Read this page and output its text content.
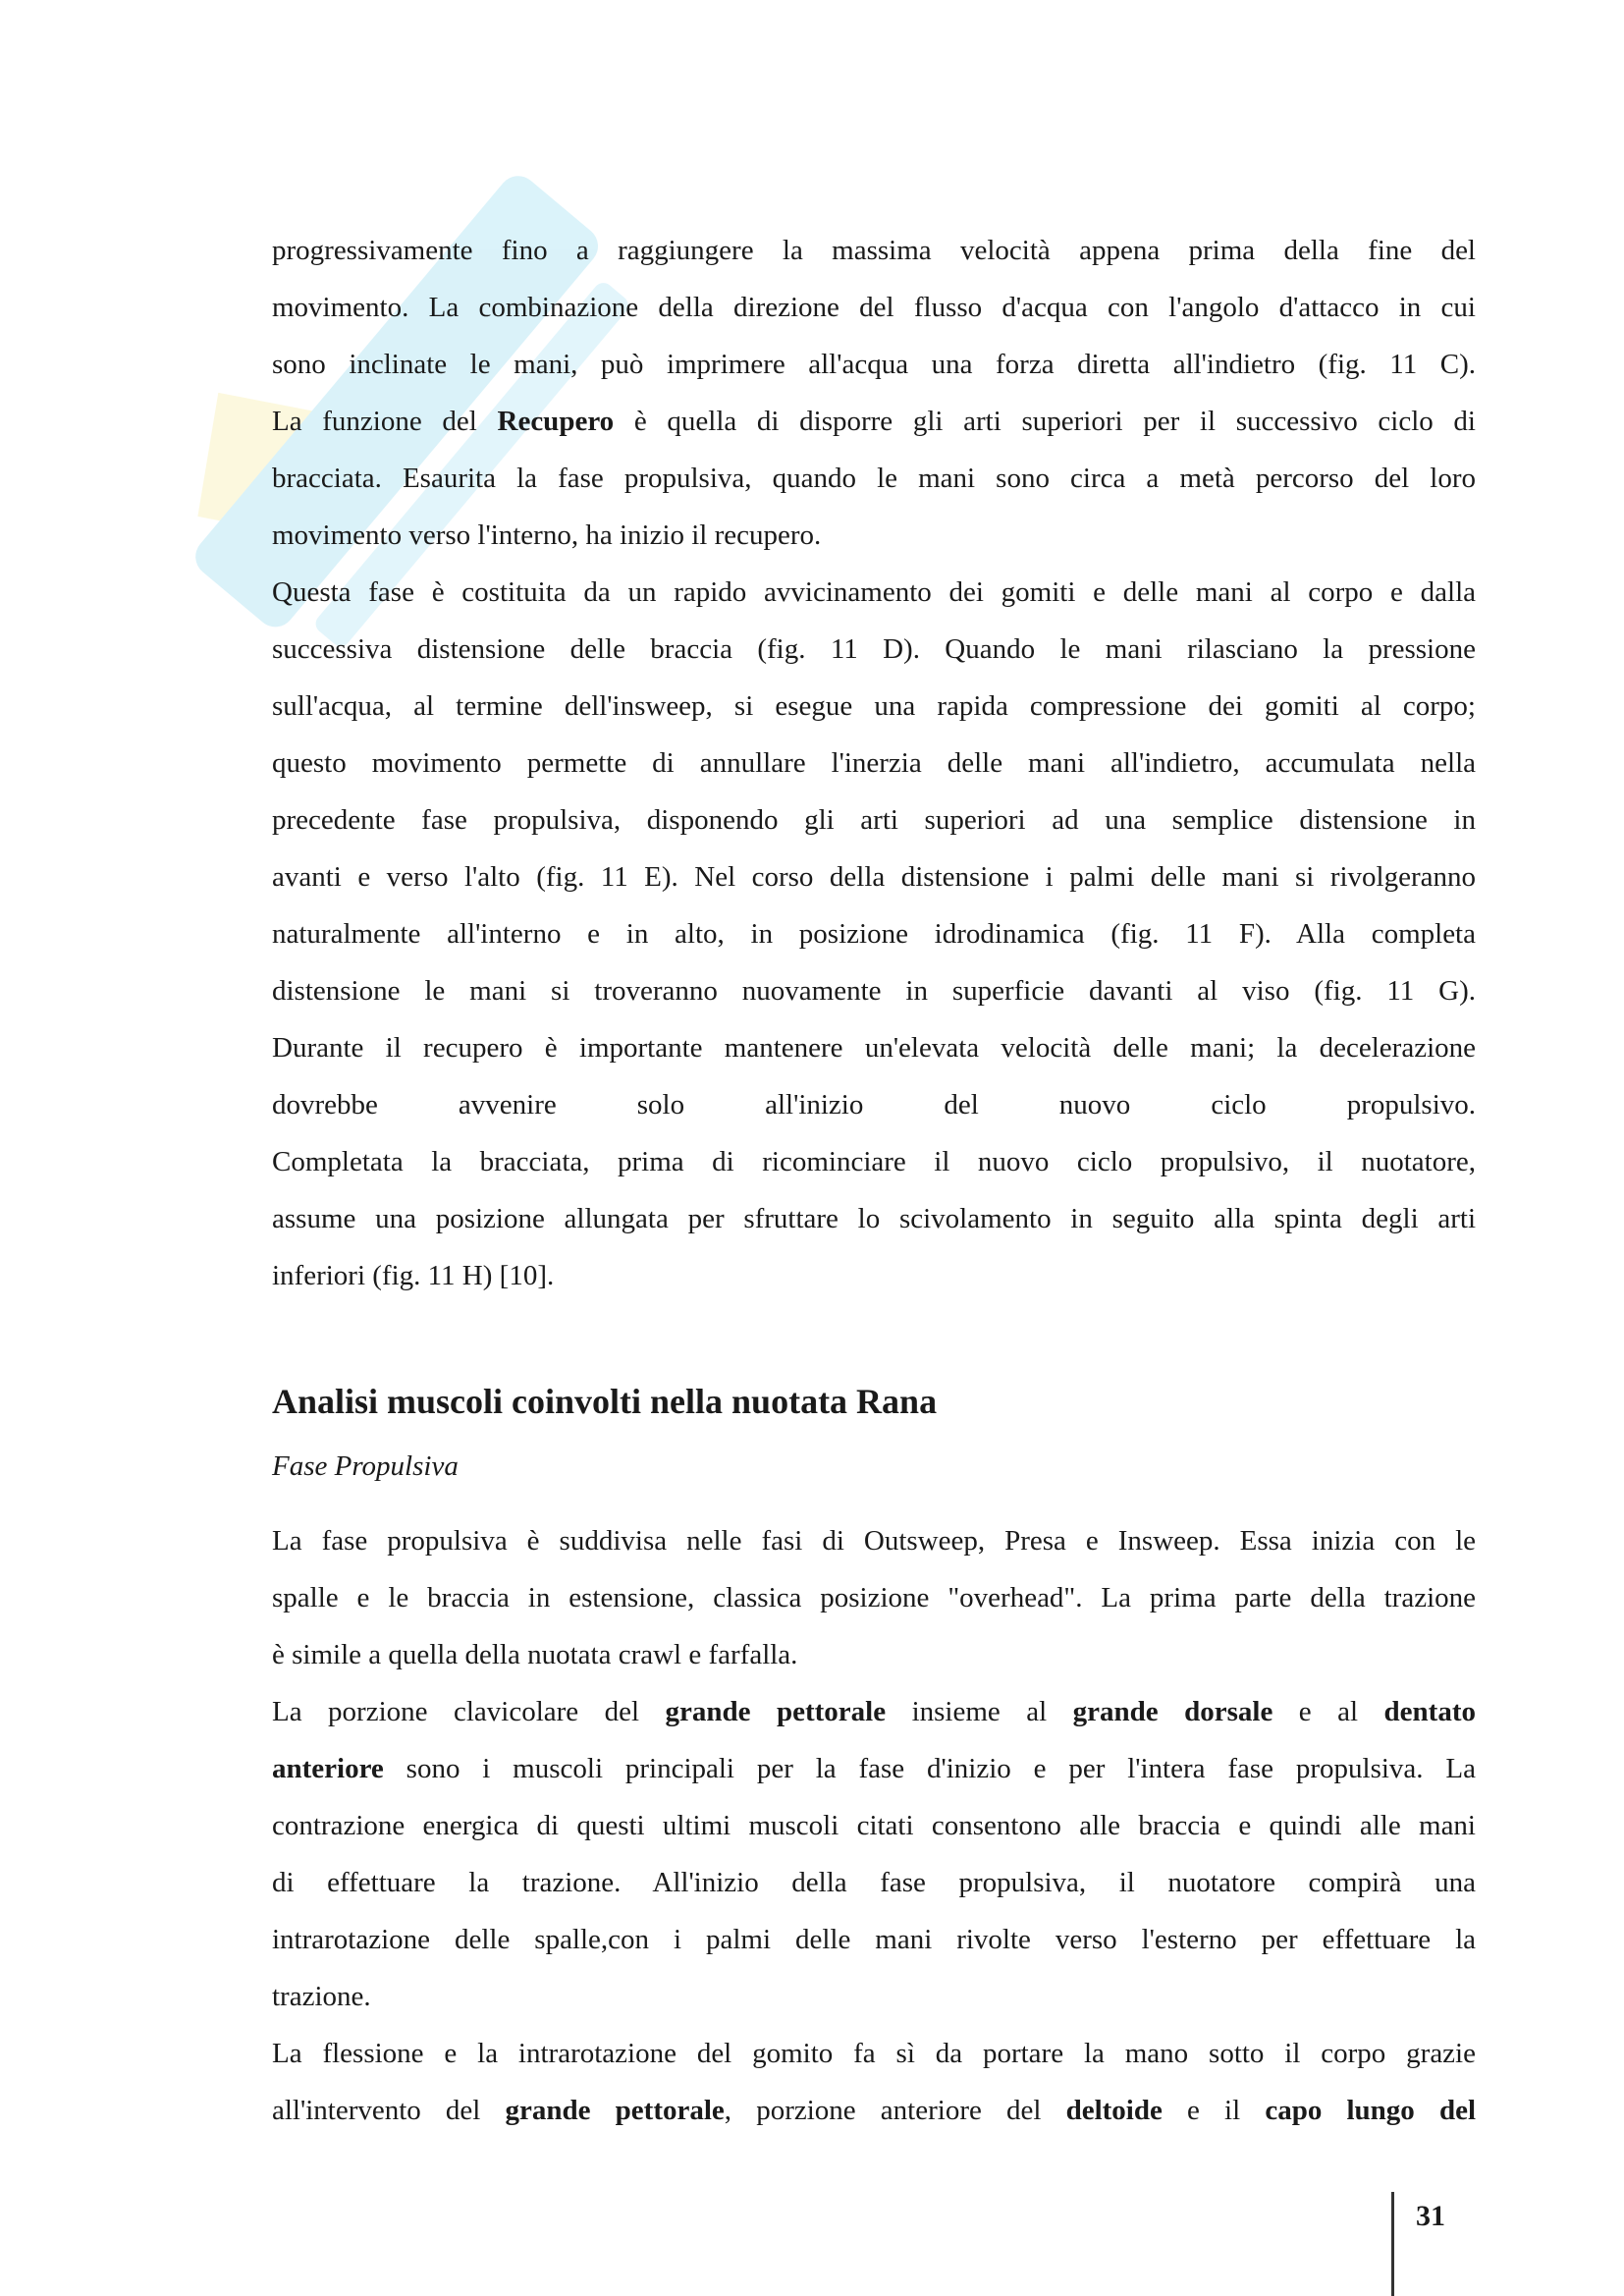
progressivamente fino a raggiungere la massima velocità appena prima della fine del
movimento. La combinazione della direzione del flusso d'acqua con l'angolo d'attacco in cui
sono inclinate le mani, può imprimere all'acqua una forza diretta all'indietro (fig. 11 C).
La funzione del Recupero è quella di disporre gli arti superiori per il successivo ciclo di
bracciata. Esaurita la fase propulsiva, quando le mani sono circa a metà percorso del loro
movimento verso l'interno, ha inizio il recupero.
Questa fase è costituita da un rapido avvicinamento dei gomiti e delle mani al corpo e dalla
successiva distensione delle braccia (fig. 11 D). Quando le mani rilasciano la pressione
sull'acqua, al termine dell'insweep, si esegue una rapida compressione dei gomiti al corpo;
questo movimento permette di annullare l'inerzia delle mani all'indietro, accumulata nella
precedente fase propulsiva, disponendo gli arti superiori ad una semplice distensione in
avanti e verso l'alto (fig. 11 E). Nel corso della distensione i palmi delle mani si rivolgeranno
naturalmente all'interno e in alto, in posizione idrodinamica (fig. 11 F). Alla completa
distensione le mani si troveranno nuovamente in superficie davanti al viso (fig. 11 G).
Durante il recupero è importante mantenere un'elevata velocità delle mani; la decelerazione
dovrebbe avvenire solo all'inizio del nuovo ciclo propulsivo.
Completata la bracciata, prima di ricominciare il nuovo ciclo propulsivo, il nuotatore,
assume una posizione allungata per sfruttare lo scivolamento in seguito alla spinta degli arti
inferiori (fig. 11 H) [10].
Analisi muscoli coinvolti nella nuotata Rana
Fase Propulsiva
La fase propulsiva è suddivisa nelle fasi di Outsweep, Presa e Insweep. Essa inizia con le
spalle e le braccia in estensione, classica posizione "overhead". La prima parte della trazione
è simile a quella della nuotata crawl e farfalla.
La porzione clavicolare del grande pettorale insieme al grande dorsale e al dentato
anteriore sono i muscoli principali per la fase d'inizio e per l'intera fase propulsiva. La
contrazione energica di questi ultimi muscoli citati consentono alle braccia e quindi alle mani
di effettuare la trazione. All'inizio della fase propulsiva, il nuotatore compirà una
intrarotazione delle spalle,con i palmi delle mani rivolte verso l'esterno per effettuare la
trazione.
La flessione e la intrarotazione del gomito fa sì da portare la mano sotto il corpo grazie
all'intervento del grande pettorale, porzione anteriore del deltoide e il capo lungo del
31
